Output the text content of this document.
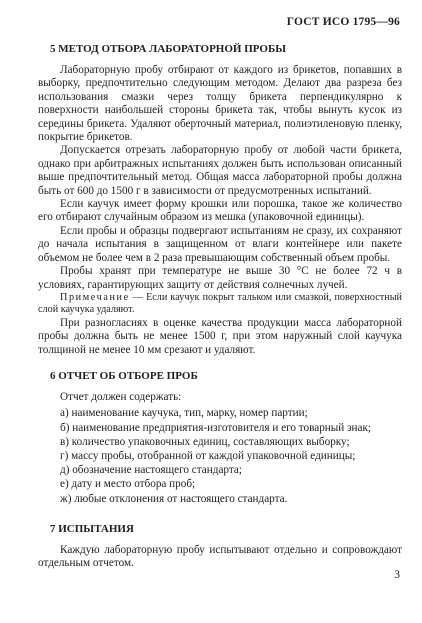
ГОСТ ИСО 1795—96
5 МЕТОД ОТБОРА ЛАБОРАТОРНОЙ ПРОБЫ

Лабораторную пробу отбирают от каждого из брикетов, попавших в выборку, предпочтительно следующим методом. Делают два разреза без использования смазки через толщу брикета перпендикулярно к поверхности наибольшей стороны брикета так, чтобы вынуть кусок из середины брикета. Удаляют оберточный материал, полиэтиленовую пленку, покрытие брикетов.

Допускается отрезать лабораторную пробу от любой части брикета, однако при арбитражных испытаниях должен быть использован описанный выше предпочтительный метод. Общая масса лабораторной пробы должна быть от 600 до 1500 г в зависимости от предусмотренных испытаний.

Если каучук имеет форму крошки или порошка, такое же количество его отбирают случайным образом из мешка (упаковочной единицы).

Если пробы и образцы подвергают испытаниям не сразу, их сохраняют до начала испытания в защищенном от влаги контейнере или пакете объемом не более чем в 2 раза превышающим собственный объем пробы.

Пробы хранят при температуре не выше 30 °С не более 72 ч в условиях, гарантирующих защиту от действия солнечных лучей.

Примечание — Если каучук покрыт тальком или смазкой, поверхностный слой каучука удаляют.

При разногласиях в оценке качества продукции масса лабораторной пробы должна быть не менее 1500 г, при этом наружный слой каучука толщиной не менее 10 мм срезают и удаляют.

6 ОТЧЕТ ОБ ОТБОРЕ ПРОБ

Отчет должен содержать:

а) наименование каучука, тип, марку, номер партии;
б) наименование предприятия-изготовителя и его товарный знак;
в) количество упаковочных единиц, составляющих выборку;
г) массу пробы, отобранной от каждой упаковочной единицы;
д) обозначение настоящего стандарта;
е) дату и место отбора проб;
ж) любые отклонения от настоящего стандарта.
7 ИСПЫТАНИЯ

Каждую лабораторную пробу испытывают отдельно и сопровождают отдельным отчетом.

3
